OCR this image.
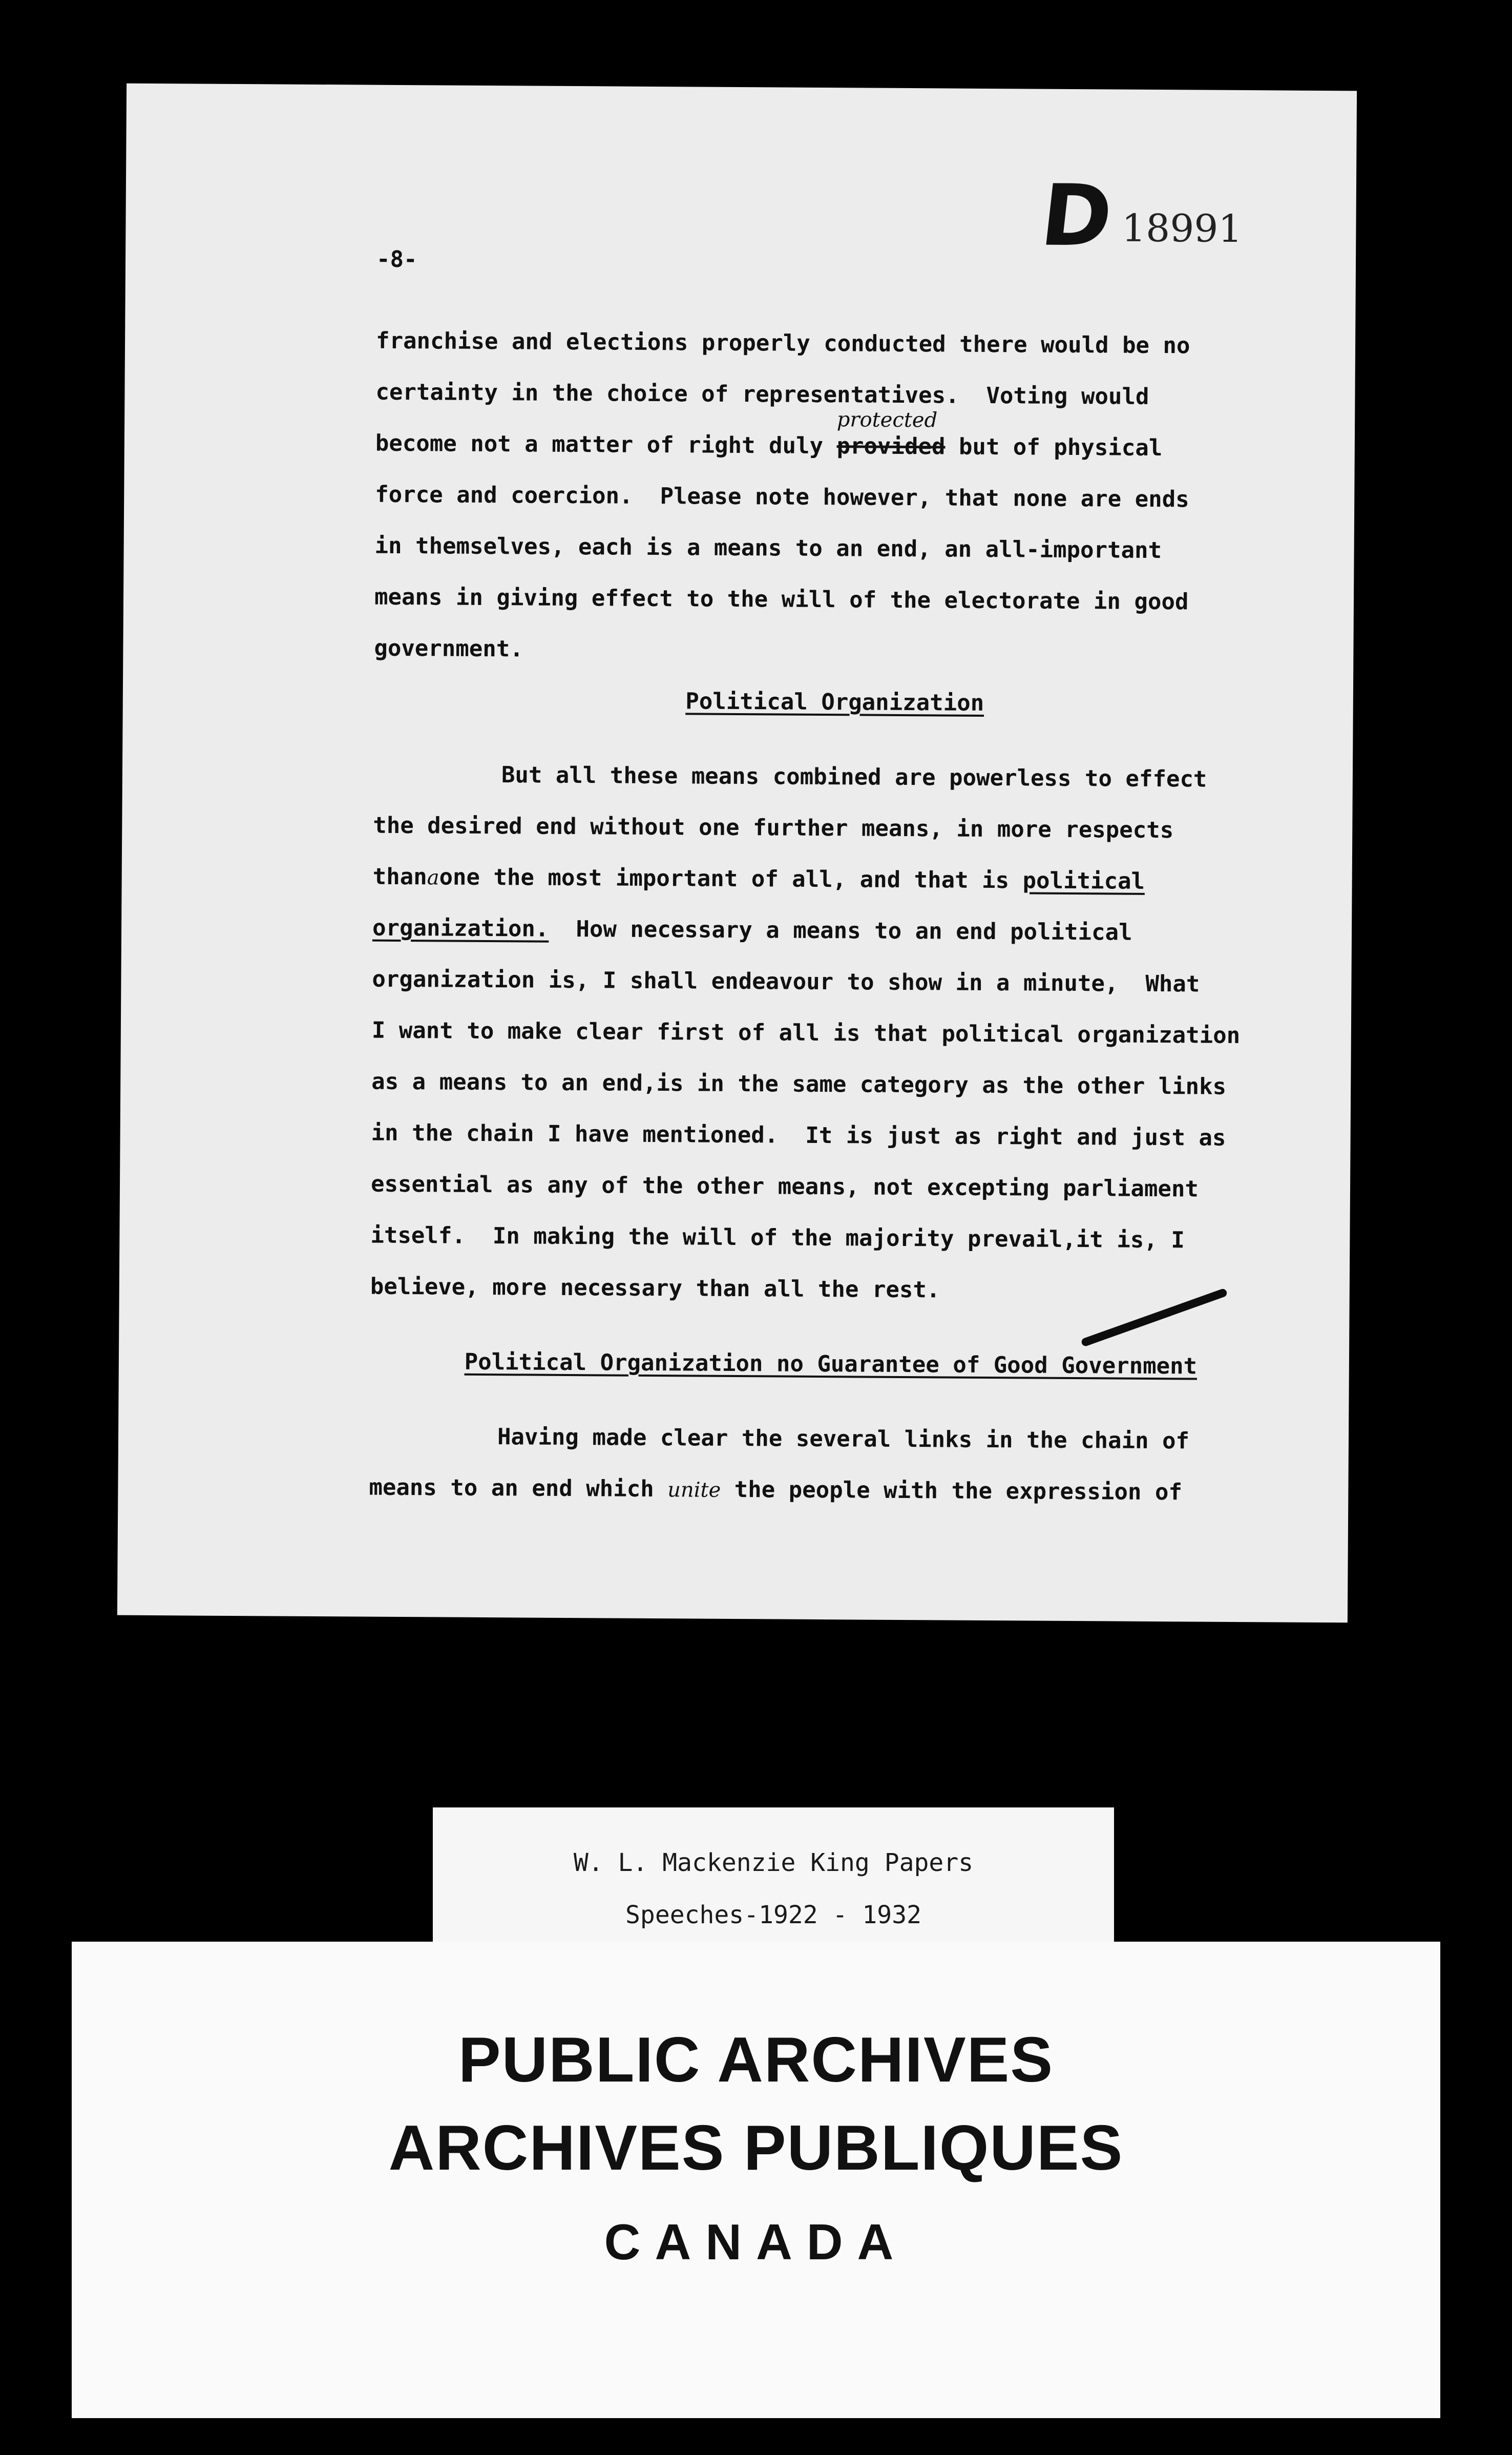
D 18991
-8-
franchise and elections properly conducted there would be no
certainty in the choice of representatives.  Voting would
become not a matter of right duly provided
protected
but of physical
force and coercion.  Please note however, that none are ends
in themselves, each is a means to an end, an all-important
means in giving effect to the will of the electorate in good
government.
Political Organization
But all these means combined are powerless to effect
the desired end without one further means, in more respects
thanaone the most important of all, and that is political
organization.  How necessary a means to an end political
organization is, I shall endeavour to show in a minute,  What
I want to make clear first of all is that political organization
as a means to an end,is in the same category as the other links
in the chain I have mentioned.  It is just as right and just as
essential as any of the other means, not excepting parliament
itself.  In making the will of the majority prevail,it is, I
believe, more necessary than all the rest.
Political Organization no Guarantee of Good Government
Having made clear the several links in the chain of
means to an end which unite the people with the expression of
W. L. Mackenzie King Papers
Speeches-1922 - 1932
PUBLIC ARCHIVES
ARCHIVES PUBLIQUES
CANADA
